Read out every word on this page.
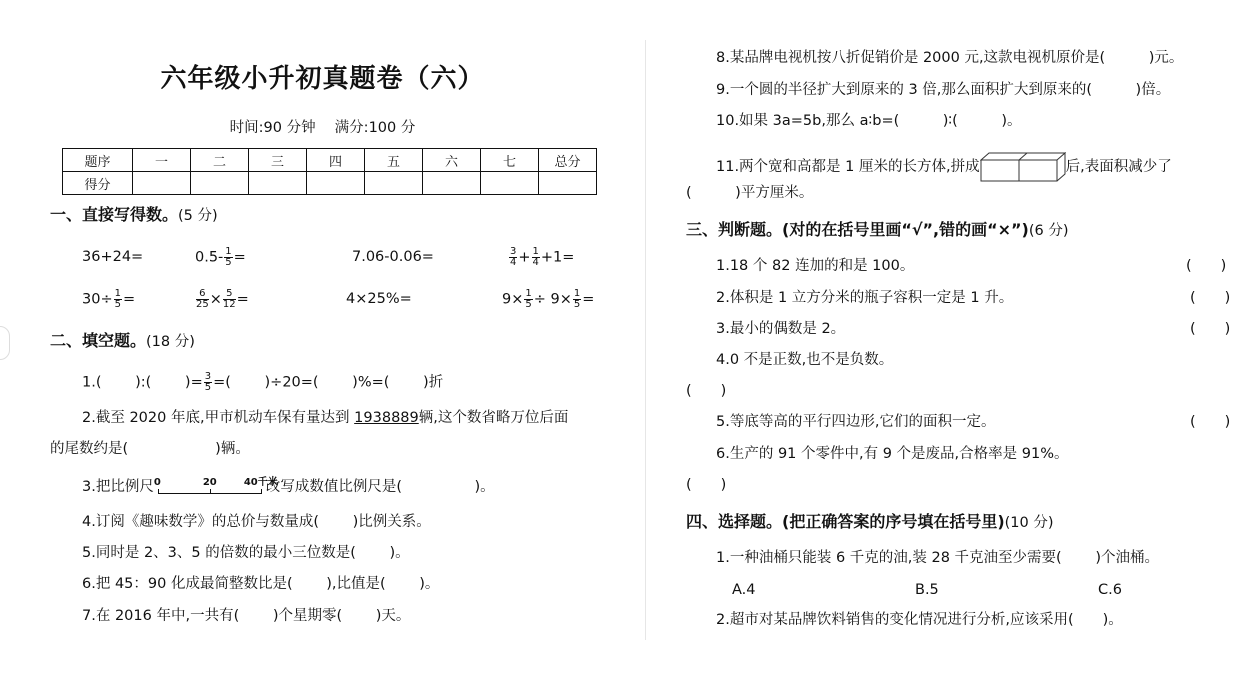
六年级小升初真题卷（六）
时间:90 分钟　 满分:100 分
题序	一	二	三	四	五	六	七	总分
得分								
一、直接写得数。(5 分)
36+24=	$0.5- \frac{1}{5}$ =	7.06-0.06=	$\frac{3}{4} + \frac{1}{4} +1=$
$30\div \frac{1}{5}$ =	$\frac{6}{25} \times \frac{5}{12}$ =	4×25%=	$9\times \frac{1}{5} \div 9\times \frac{1}{5}$ =
二、填空题。(18 分)
1.(　　 ):(　　 )= $\frac{3}{5}$ =(　　 )÷20=(　　 )%=(　　 )折
2.截至 2020 年底,甲市机动车保有量达到 1938889辆,这个数省略万位后面
的尾数约是(　　　　　　)辆。
3.把比例尺 0	20	40千米
改写成数值比例尺是(　　　　　)。
4.订阅《趣味数学》的总价与数量成(　　 )比例关系。
5.同时是 2、3、5 的倍数的最小三位数是(　　 )。
6.把 45：90 化成最简整数比是(　　 ),比值是(　　 )。
7.在 2016 年中,一共有(　　 )个星期零(　　 )天。
8.某品牌电视机按八折促销价是 2000 元,这款电视机原价是(　　　)元。
9.一个圆的半径扩大到原来的 3 倍,那么面积扩大到原来的(　　　)倍。
10.如果 3a=5b,那么 a∶b=(　　　)∶(　　　)。
11.两个宽和高都是 1 厘米的长方体,拼成	后,表面积减少了
(　　　)平方厘米。
三、判断题。(对的在括号里画“√”,错的画“×”)(6 分)
1.18 个 82 连加的和是 100。	(　　)
2.体积是 1 立方分米的瓶子容积一定是 1 升。	(　　)
3.最小的偶数是 2。	(　　)
4.0 不是正数,也不是负数。
(　　)
5.等底等高的平行四边形,它们的面积一定。	(　　)
6.生产的 91 个零件中,有 9 个是废品,合格率是 91%。
(　　)
四、选择题。(把正确答案的序号填在括号里)(10 分)
1.一种油桶只能装 6 千克的油,装 28 千克油至少需要(　　 )个油桶。
A.4	B.5	C.6
2.超市对某品牌饮料销售的变化情况进行分析,应该采用(　　)。
